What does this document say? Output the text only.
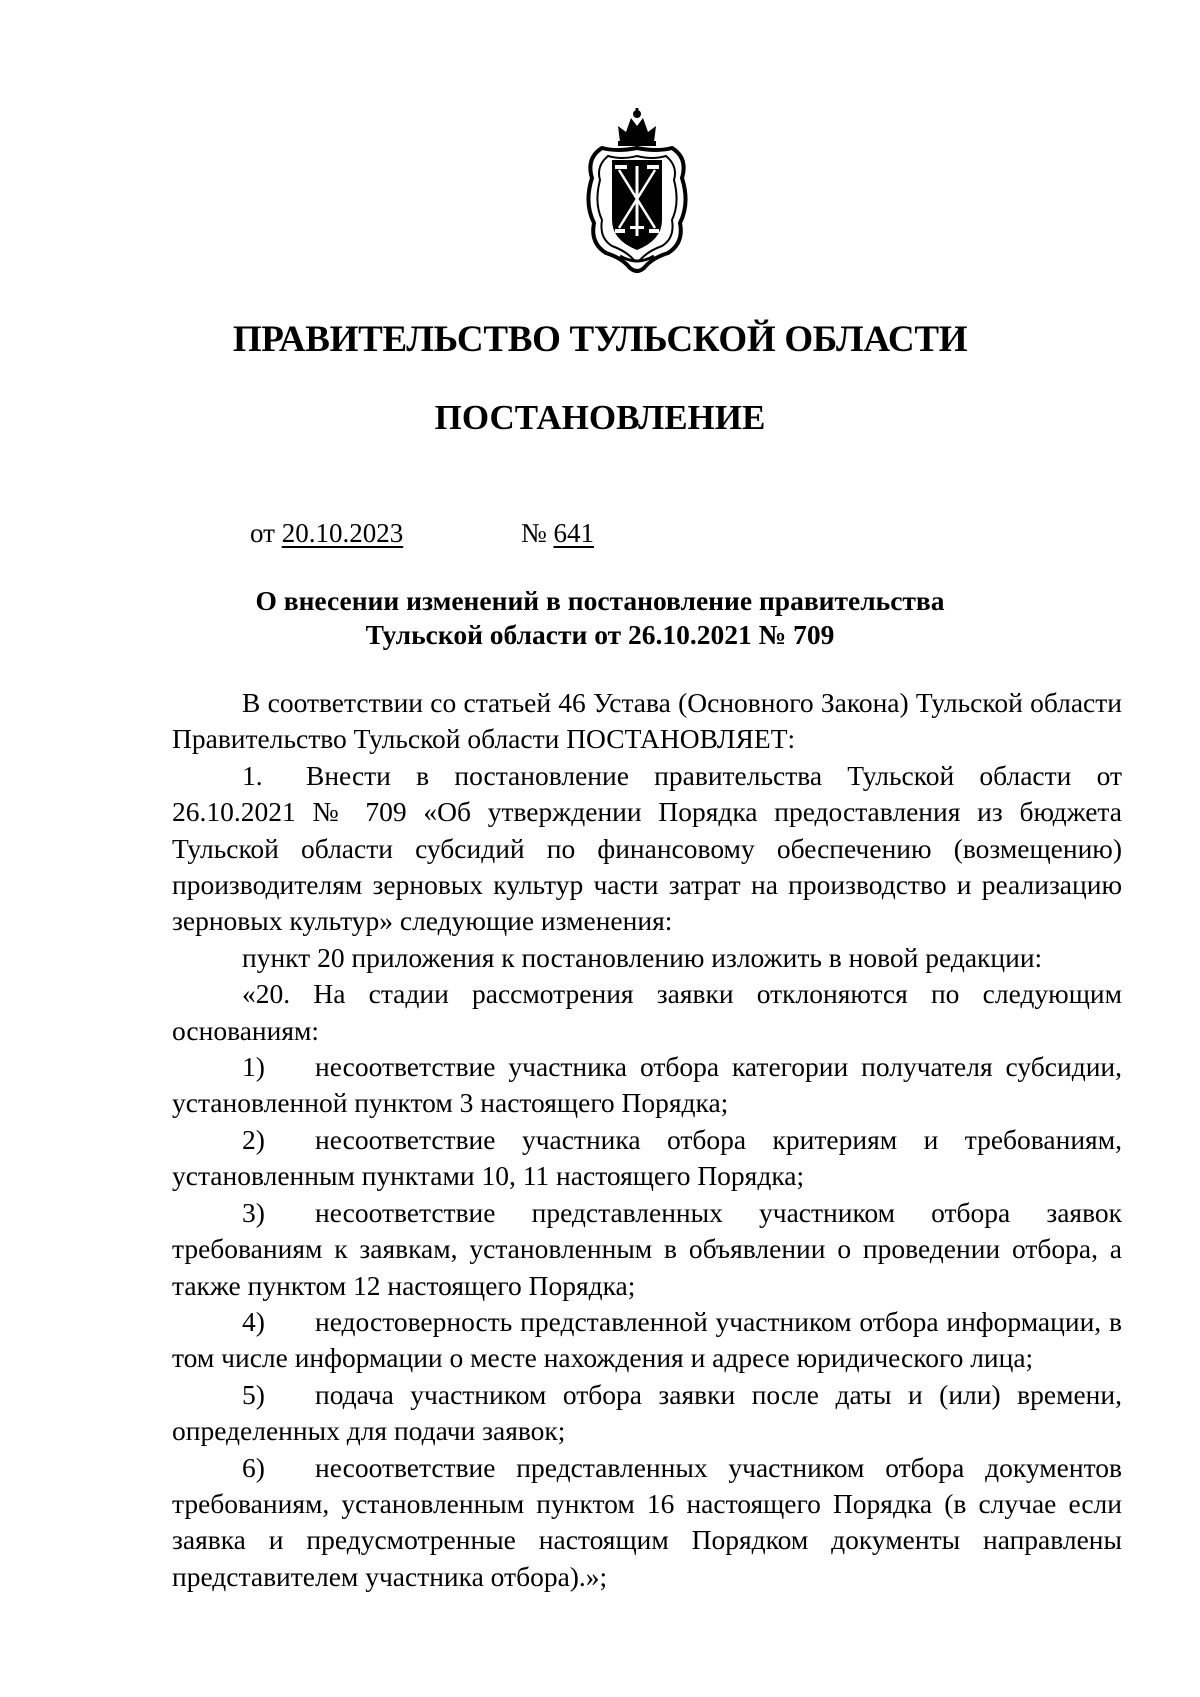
ПРАВИТЕЛЬСТВО ТУЛЬСКОЙ ОБЛАСТИ
ПОСТАНОВЛЕНИЕ
от 20.10.2023	№ 641
О внесении изменений в постановление правительства
Тульской области от 26.10.2021 № 709

В соответствии со статьей 46 Устава (Основного Закона) Тульской области Правительство Тульской области ПОСТАНОВЛЯЕТ:

1. Внести в постановление правительства Тульской области от 26.10.2021 № 709 «Об утверждении Порядка предоставления из бюджета Тульской области субсидий по финансовому обеспечению (возмещению) производителям зерновых культур части затрат на производство и реализацию зерновых культур» следующие изменения:

пункт 20 приложения к постановлению изложить в новой редакции:

«20. На стадии рассмотрения заявки отклоняются по следующим основаниям:

1) несоответствие участника отбора категории получателя субсидии, установленной пунктом 3 настоящего Порядка;

2) несоответствие участника отбора критериям и требованиям, установленным пунктами 10, 11 настоящего Порядка;

3) несоответствие представленных участником отбора заявок требованиям к заявкам, установленным в объявлении о проведении отбора, а также пунктом 12 настоящего Порядка;

4) недостоверность представленной участником отбора информации, в том числе информации о месте нахождения и адресе юридического лица;

5) подача участником отбора заявки после даты и (или) времени, определенных для подачи заявок;

6) несоответствие представленных участником отбора документов требованиям, установленным пунктом 16 настоящего Порядка (в случае если заявка и предусмотренные настоящим Порядком документы направлены представителем участника отбора).»;
